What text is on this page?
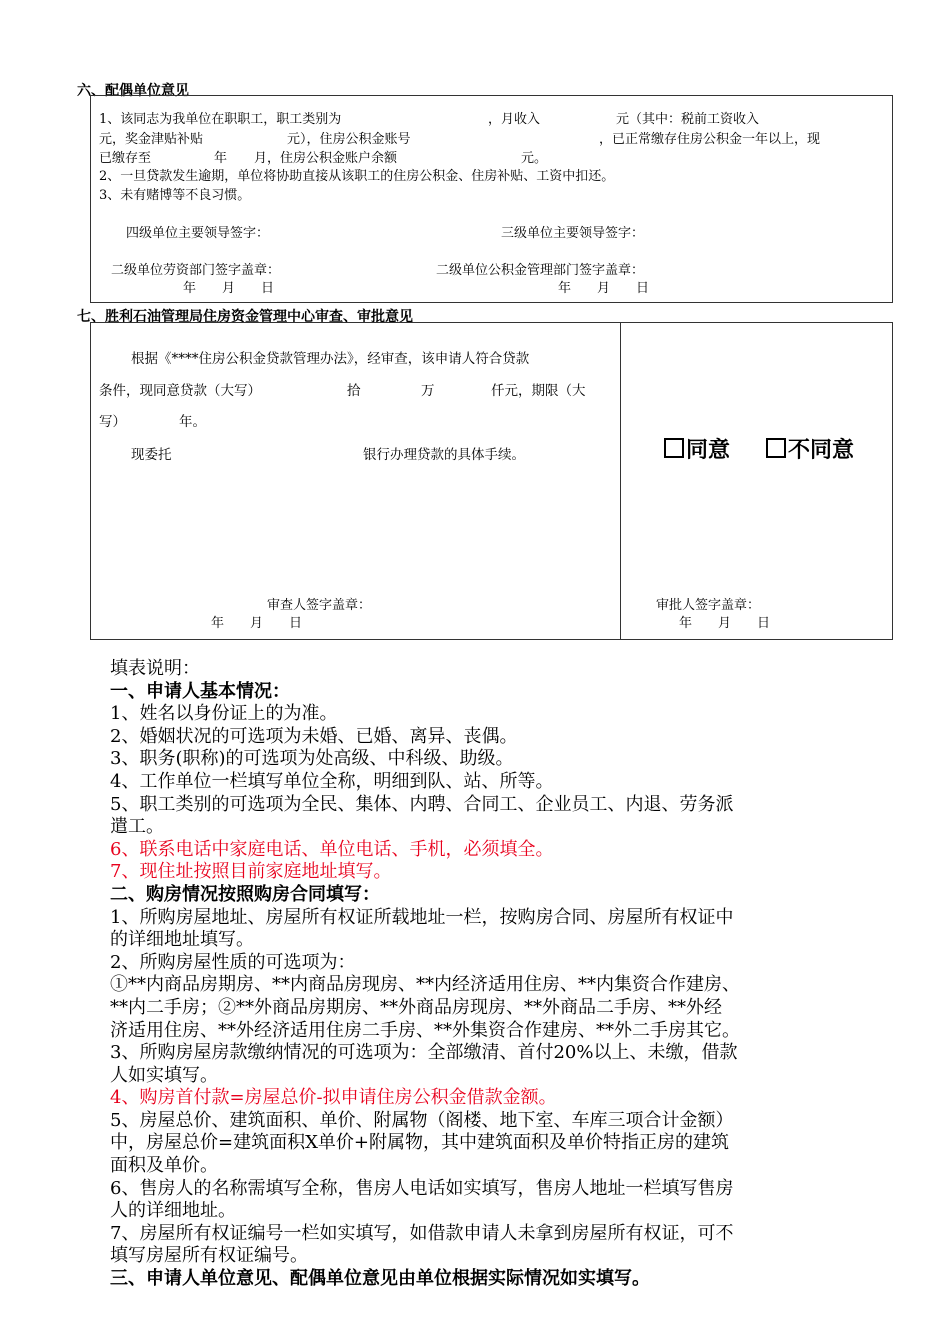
六、配偶单位意见
1、该同志为我单位在职职工，职工类别为	，月收入	元（其中：税前工资收入
元，奖金津贴补贴	元），住房公积金账号	，已正常缴存住房公积金一年以上，现
已缴存至	年 月，住房公积金账户余额	元。
2、一旦贷款发生逾期，单位将协助直接从该职工的住房公积金、住房补贴、工资中扣还。
3、未有赌博等不良习惯。
四级单位主要领导签字：	三级单位主要领导签字：
二级单位劳资部门签字盖章：	二级单位公积金管理部门签字盖章：
年　　月　　日	年　　月　　日
七、胜利石油管理局住房资金管理中心审查、审批意见
根据《****住房公积金贷款管理办法》，经审查，该申请人符合贷款
条件，现同意贷款（大写）	拾	万	仟元，期限（大
写）	年。
现委托	银行办理贷款的具体手续。
审查人签字盖章：
年　　月　　日
同意	不同意
审批人签字盖章：
年　　月　　日
填表说明：
一、申请人基本情况：
1、姓名以身份证上的为准。
2、婚姻状况的可选项为未婚、已婚、离异、丧偶。
3、职务(职称)的可选项为处高级、中科级、助级。
4、工作单位一栏填写单位全称，明细到队、站、所等。
5、职工类别的可选项为全民、集体、内聘、合同工、企业员工、内退、劳务派
遣工。
6、联系电话中家庭电话、单位电话、手机，必须填全。
7、现住址按照目前家庭地址填写。
二、购房情况按照购房合同填写：
1、所购房屋地址、房屋所有权证所载地址一栏，按购房合同、房屋所有权证中
的详细地址填写。
2、所购房屋性质的可选项为：
①**内商品房期房、**内商品房现房、**内经济适用住房、**内集资合作建房、
**内二手房；②**外商品房期房、**外商品房现房、**外商品二手房、**外经
济适用住房、**外经济适用住房二手房、**外集资合作建房、**外二手房其它。
3、所购房屋房款缴纳情况的可选项为：全部缴清、首付20%以上、未缴，借款
人如实填写。
4、购房首付款=房屋总价-拟申请住房公积金借款金额。
5、房屋总价、建筑面积、单价、附属物（阁楼、地下室、车库三项合计金额）
中，房屋总价=建筑面积X单价+附属物，其中建筑面积及单价特指正房的建筑
面积及单价。
6、售房人的名称需填写全称，售房人电话如实填写，售房人地址一栏填写售房
人的详细地址。
7、房屋所有权证编号一栏如实填写，如借款申请人未拿到房屋所有权证，可不
填写房屋所有权证编号。
三、申请人单位意见、配偶单位意见由单位根据实际情况如实填写。
